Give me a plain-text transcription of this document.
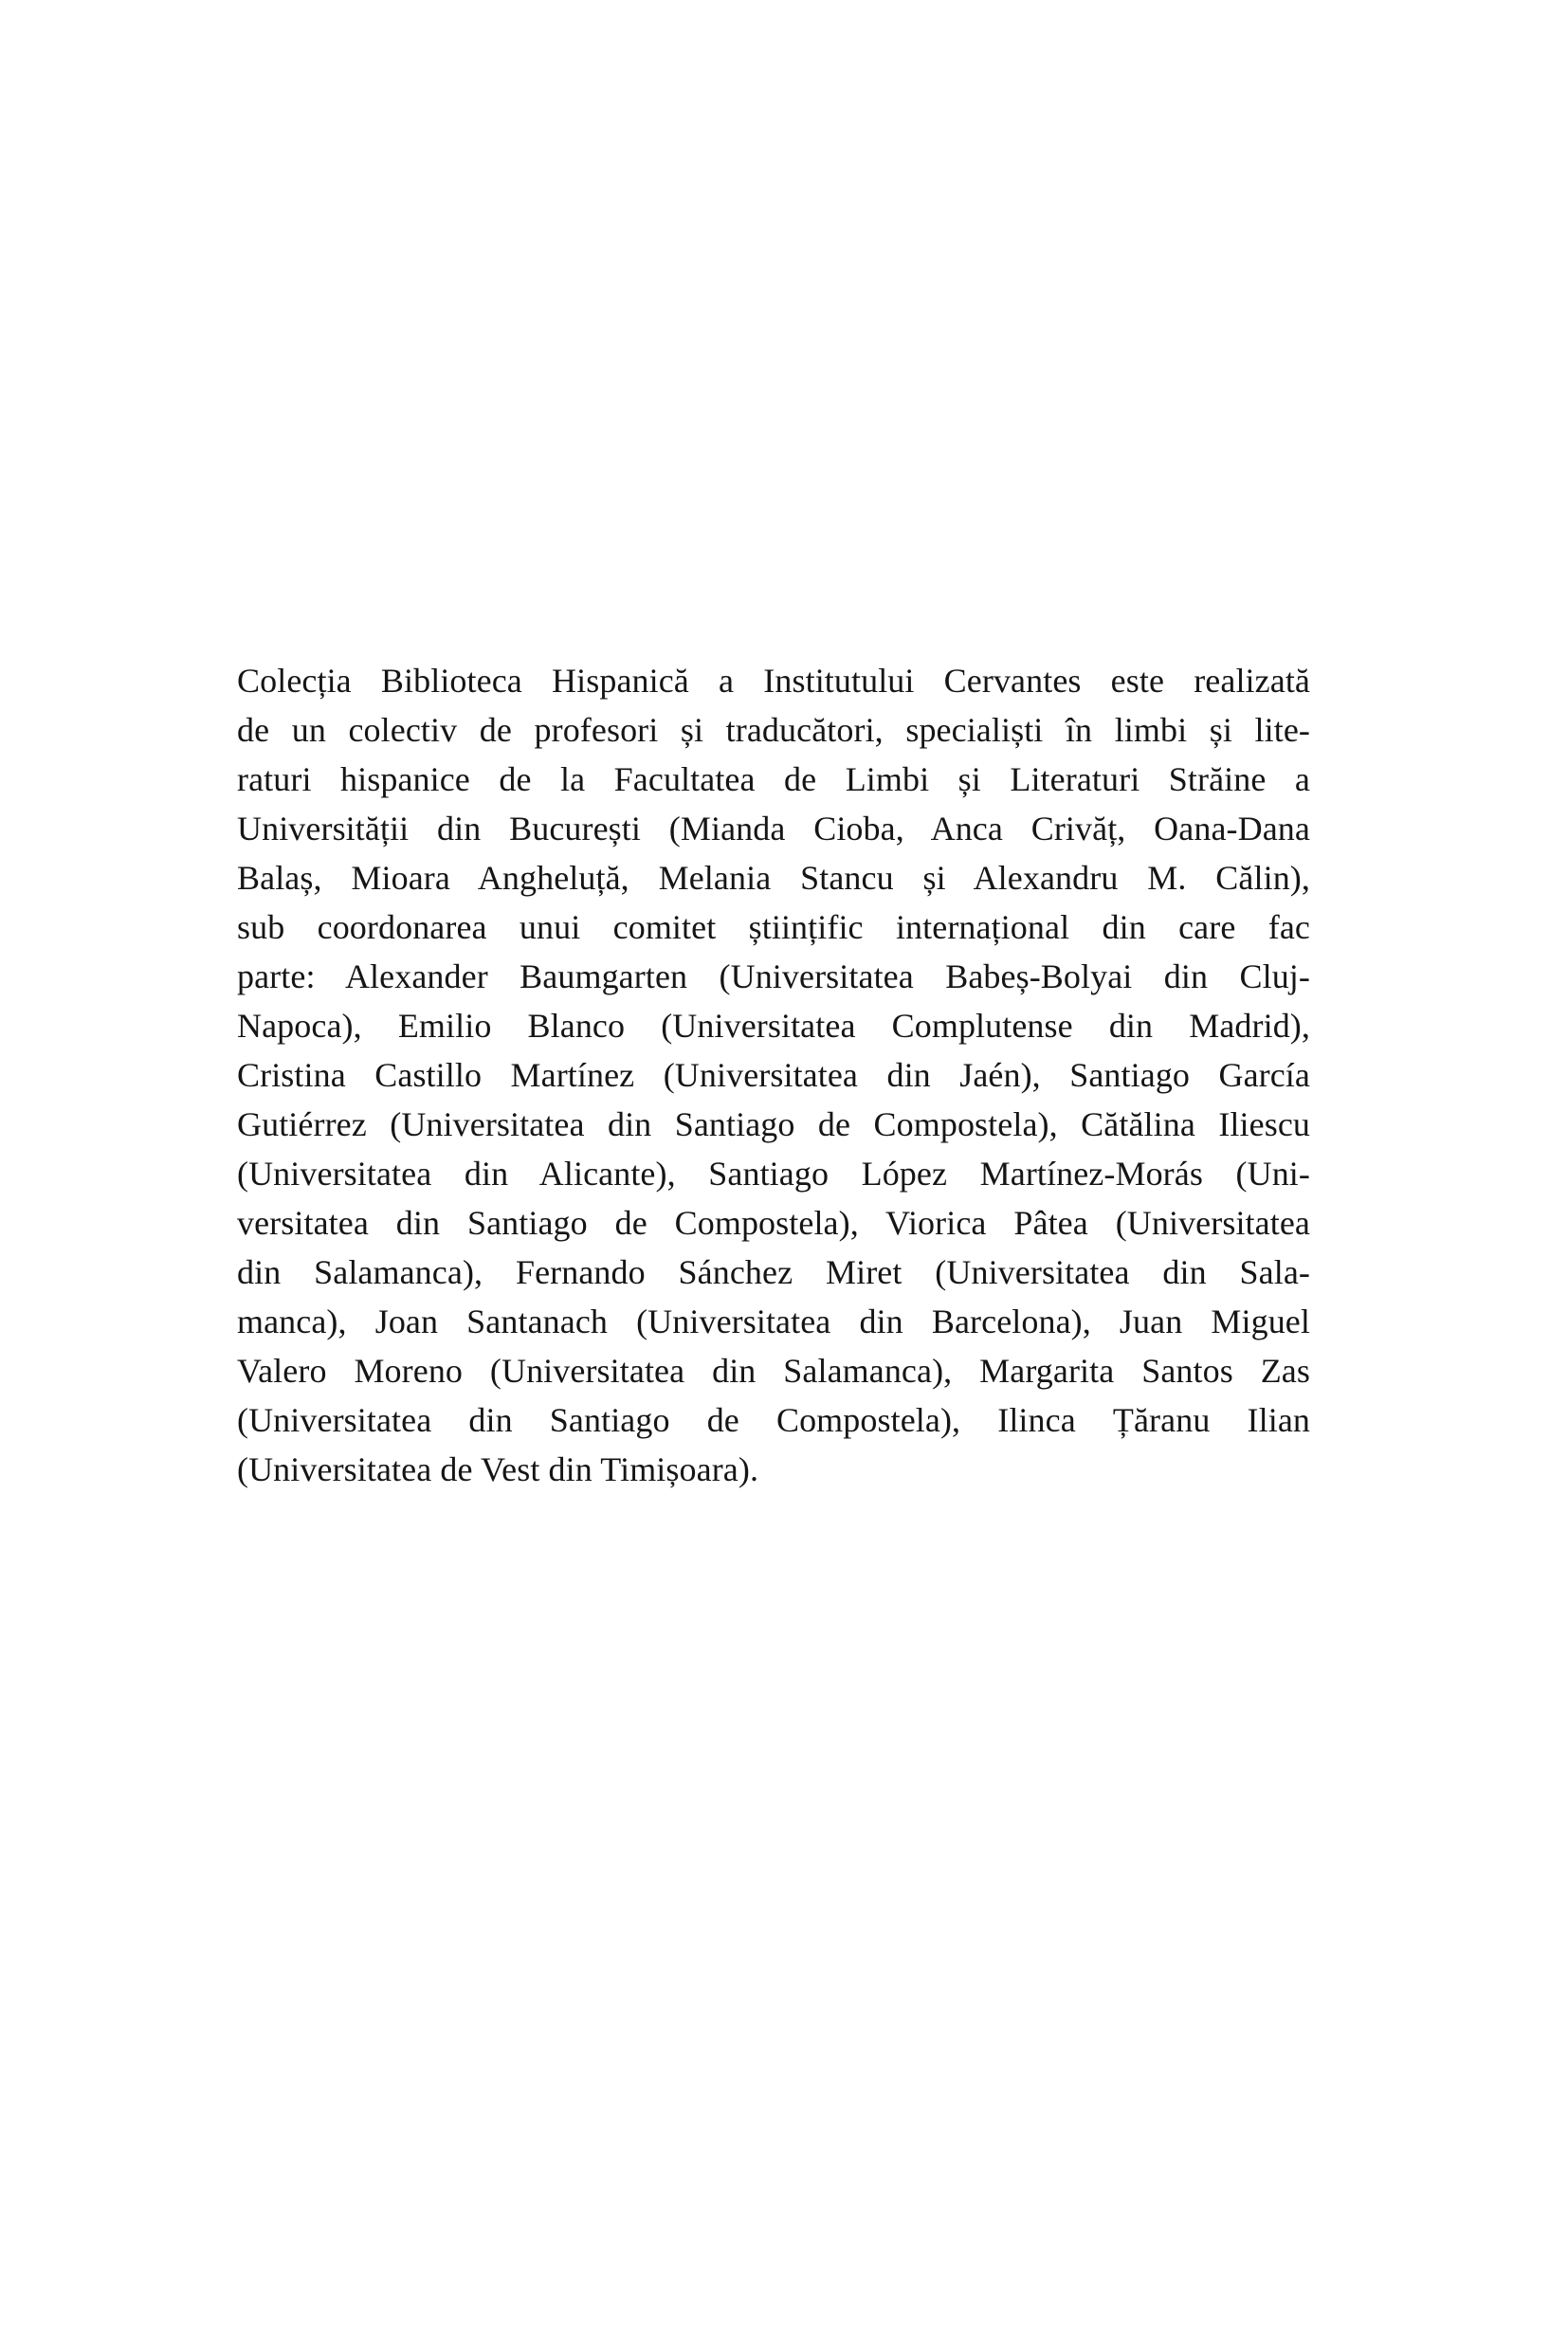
Colecția Biblioteca Hispanică a Institutului Cervantes este realizată
de un colectiv de profesori și traducători, specialiști în limbi și lite-
raturi hispanice de la Facultatea de Limbi și Literaturi Străine a
Universității din București (Mianda Cioba, Anca Crivăț, Oana-Dana
Balaș, Mioara Angheluță, Melania Stancu și Alexandru M. Călin),
sub coordonarea unui comitet științific internațional din care fac
parte: Alexander Baumgarten (Universitatea Babeș-Bolyai din Cluj-
Napoca), Emilio Blanco (Universitatea Complutense din Madrid),
Cristina Castillo Martínez (Universitatea din Jaén), Santiago García
Gutiérrez (Universitatea din Santiago de Compostela), Cătălina Iliescu
(Universitatea din Alicante), Santiago López Martínez-Morás (Uni-
versitatea din Santiago de Compostela), Viorica Pâtea (Universitatea
din Salamanca), Fernando Sánchez Miret (Universitatea din Sala-
manca), Joan Santanach (Universitatea din Barcelona), Juan Miguel
Valero Moreno (Universitatea din Salamanca), Margarita Santos Zas
(Universitatea din Santiago de Compostela), Ilinca Țăranu Ilian
(Universitatea de Vest din Timișoara).
